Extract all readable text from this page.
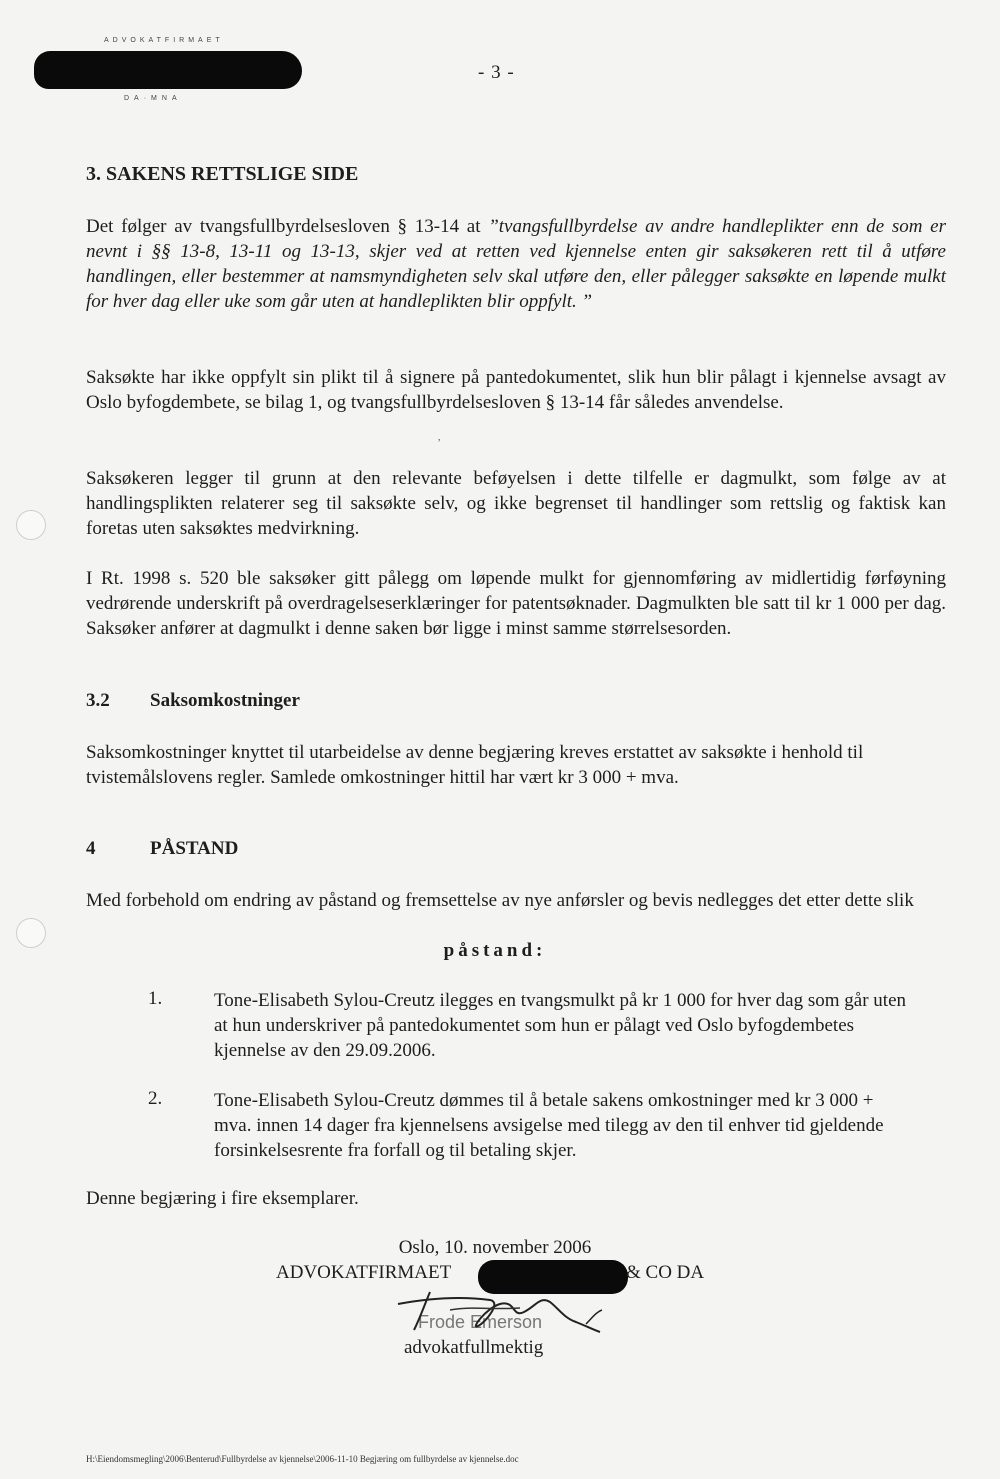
ADVOKATFIRMAET
DA·MNA
- 3 -
3. SAKENS RETTSLIGE SIDE

Det følger av tvangsfullbyrdelsesloven § 13-14 at ”tvangsfullbyrdelse av andre handleplikter enn de som er nevnt i §§ 13-8, 13-11 og 13-13, skjer ved at retten ved kjennelse enten gir saksøkeren rett til å utføre handlingen, eller bestemmer at namsmyndigheten selv skal utføre den, eller pålegger saksøkte en løpende mulkt for hver dag eller uke som går uten at handleplikten blir oppfylt. ”

Saksøkte har ikke oppfylt sin plikt til å signere på pantedokumentet, slik hun blir pålagt i kjennelse avsagt av Oslo byfogdembete, se bilag 1, og tvangsfullbyrdelsesloven § 13-14 får således anvendelse.

,

Saksøkeren legger til grunn at den relevante beføyelsen i dette tilfelle er dagmulkt, som følge av at handlingsplikten relaterer seg til saksøkte selv, og ikke begrenset til handlinger som rettslig og faktisk kan foretas uten saksøktes medvirkning.

I Rt. 1998 s. 520 ble saksøker gitt pålegg om løpende mulkt for gjennomføring av midlertidig førføyning vedrørende underskrift på overdragelseserklæringer for patentsøknader. Dagmulkten ble satt til kr 1 000 per dag. Saksøker anfører at dagmulkt i denne saken bør ligge i minst samme størrelsesorden.

3.2 Saksomkostninger

Saksomkostninger knyttet til utarbeidelse av denne begjæring kreves erstattet av saksøkte i henhold til tvistemålslovens regler. Samlede omkostninger hittil har vært kr 3 000 + mva.

4	PÅSTAND

Med forbehold om endring av påstand og fremsettelse av nye anførsler og bevis nedlegges det etter dette slik

påstand:
1.	Tone-Elisabeth Sylou-Creutz ilegges en tvangsmulkt på kr 1 000 for hver dag som går uten at hun underskriver på pantedokumentet som hun er pålagt ved Oslo byfogdembetes kjennelse av den 29.09.2006.
2.	Tone-Elisabeth Sylou-Creutz dømmes til å betale sakens omkostninger med kr 3 000 + mva. innen 14 dager fra kjennelsens avsigelse med tilegg av den til enhver tid gjeldende forsinkelsesrente fra forfall og til betaling skjer.

Denne begjæring i fire eksemplarer.

Oslo, 10. november 2006
ADVOKATFIRMAET	& CO DA
Frode Emerson
advokatfullmektig
H:\Eiendomsmegling\2006\Benterud\Fullbyrdelse av kjennelse\2006-11-10 Begjæring om fullbyrdelse av kjennelse.doc
